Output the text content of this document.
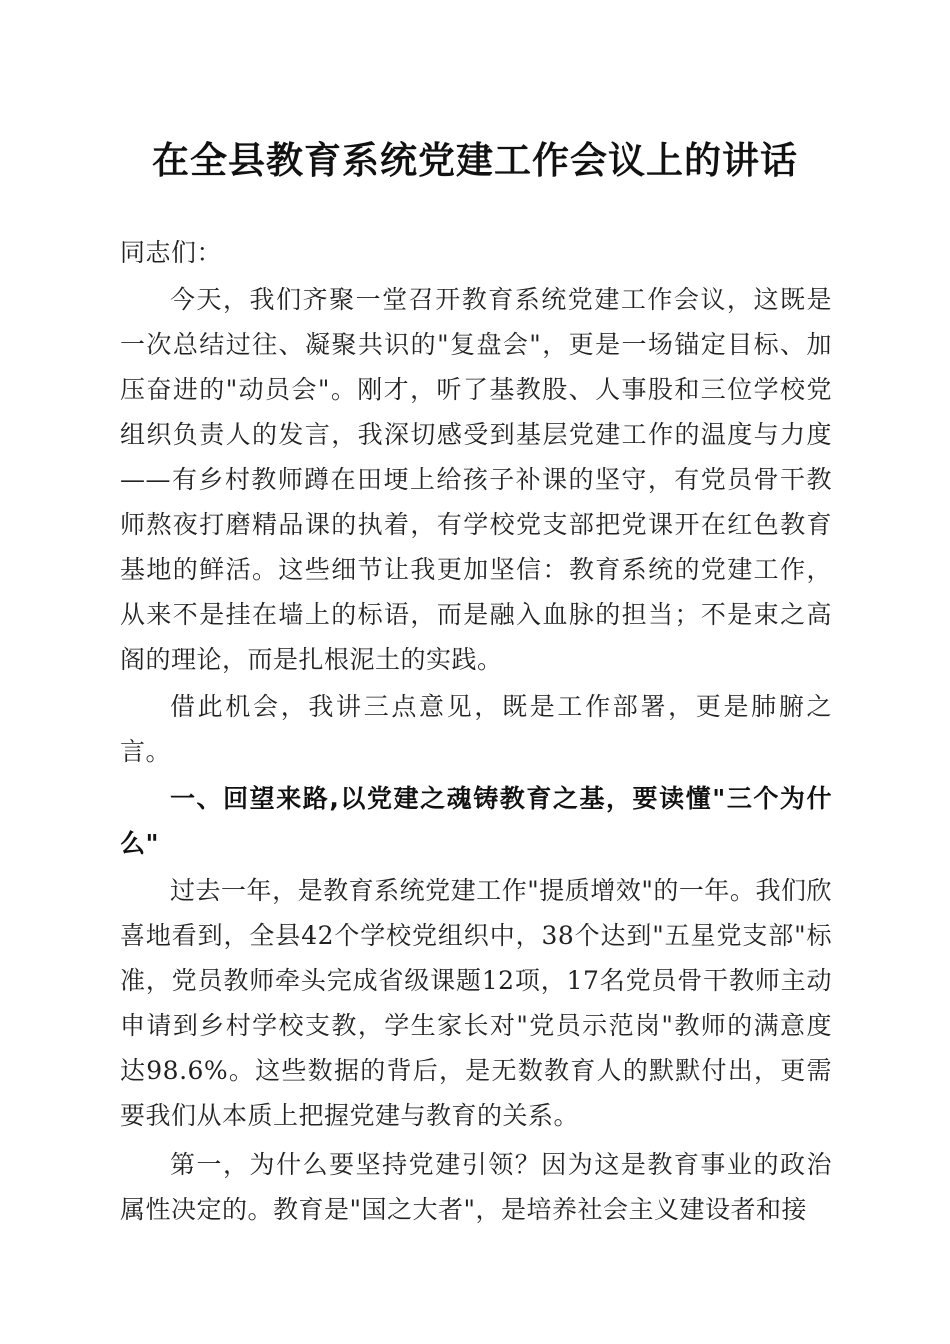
在全县教育系统党建工作会议上的讲话

同志们：

今天，我们齐聚一堂召开教育系统党建工作会议，这既是一次总结过往、凝聚共识的"复盘会"，更是一场锚定目标、加压奋进的"动员会"。刚才，听了基教股、人事股和三位学校党组织负责人的发言，我深切感受到基层党建工作的温度与力度——有乡村教师蹲在田埂上给孩子补课的坚守，有党员骨干教师熬夜打磨精品课的执着，有学校党支部把党课开在红色教育基地的鲜活。这些细节让我更加坚信：教育系统的党建工作，从来不是挂在墙上的标语，而是融入血脉的担当；不是束之高阁的理论，而是扎根泥土的实践。

借此机会，我讲三点意见，既是工作部署，更是肺腑之言。

一、回望来路,以党建之魂铸教育之基，要读懂"三个为什么"

过去一年，是教育系统党建工作"提质增效"的一年。我们欣喜地看到，全县42个学校党组织中，38个达到"五星党支部"标准，党员教师牵头完成省级课题12项，17名党员骨干教师主动申请到乡村学校支教，学生家长对"党员示范岗"教师的满意度达98.6%。这些数据的背后，是无数教育人的默默付出，更需要我们从本质上把握党建与教育的关系。

第一，为什么要坚持党建引领？因为这是教育事业的政治属性决定的。教育是"国之大者"，是培养社会主义建设者和接
